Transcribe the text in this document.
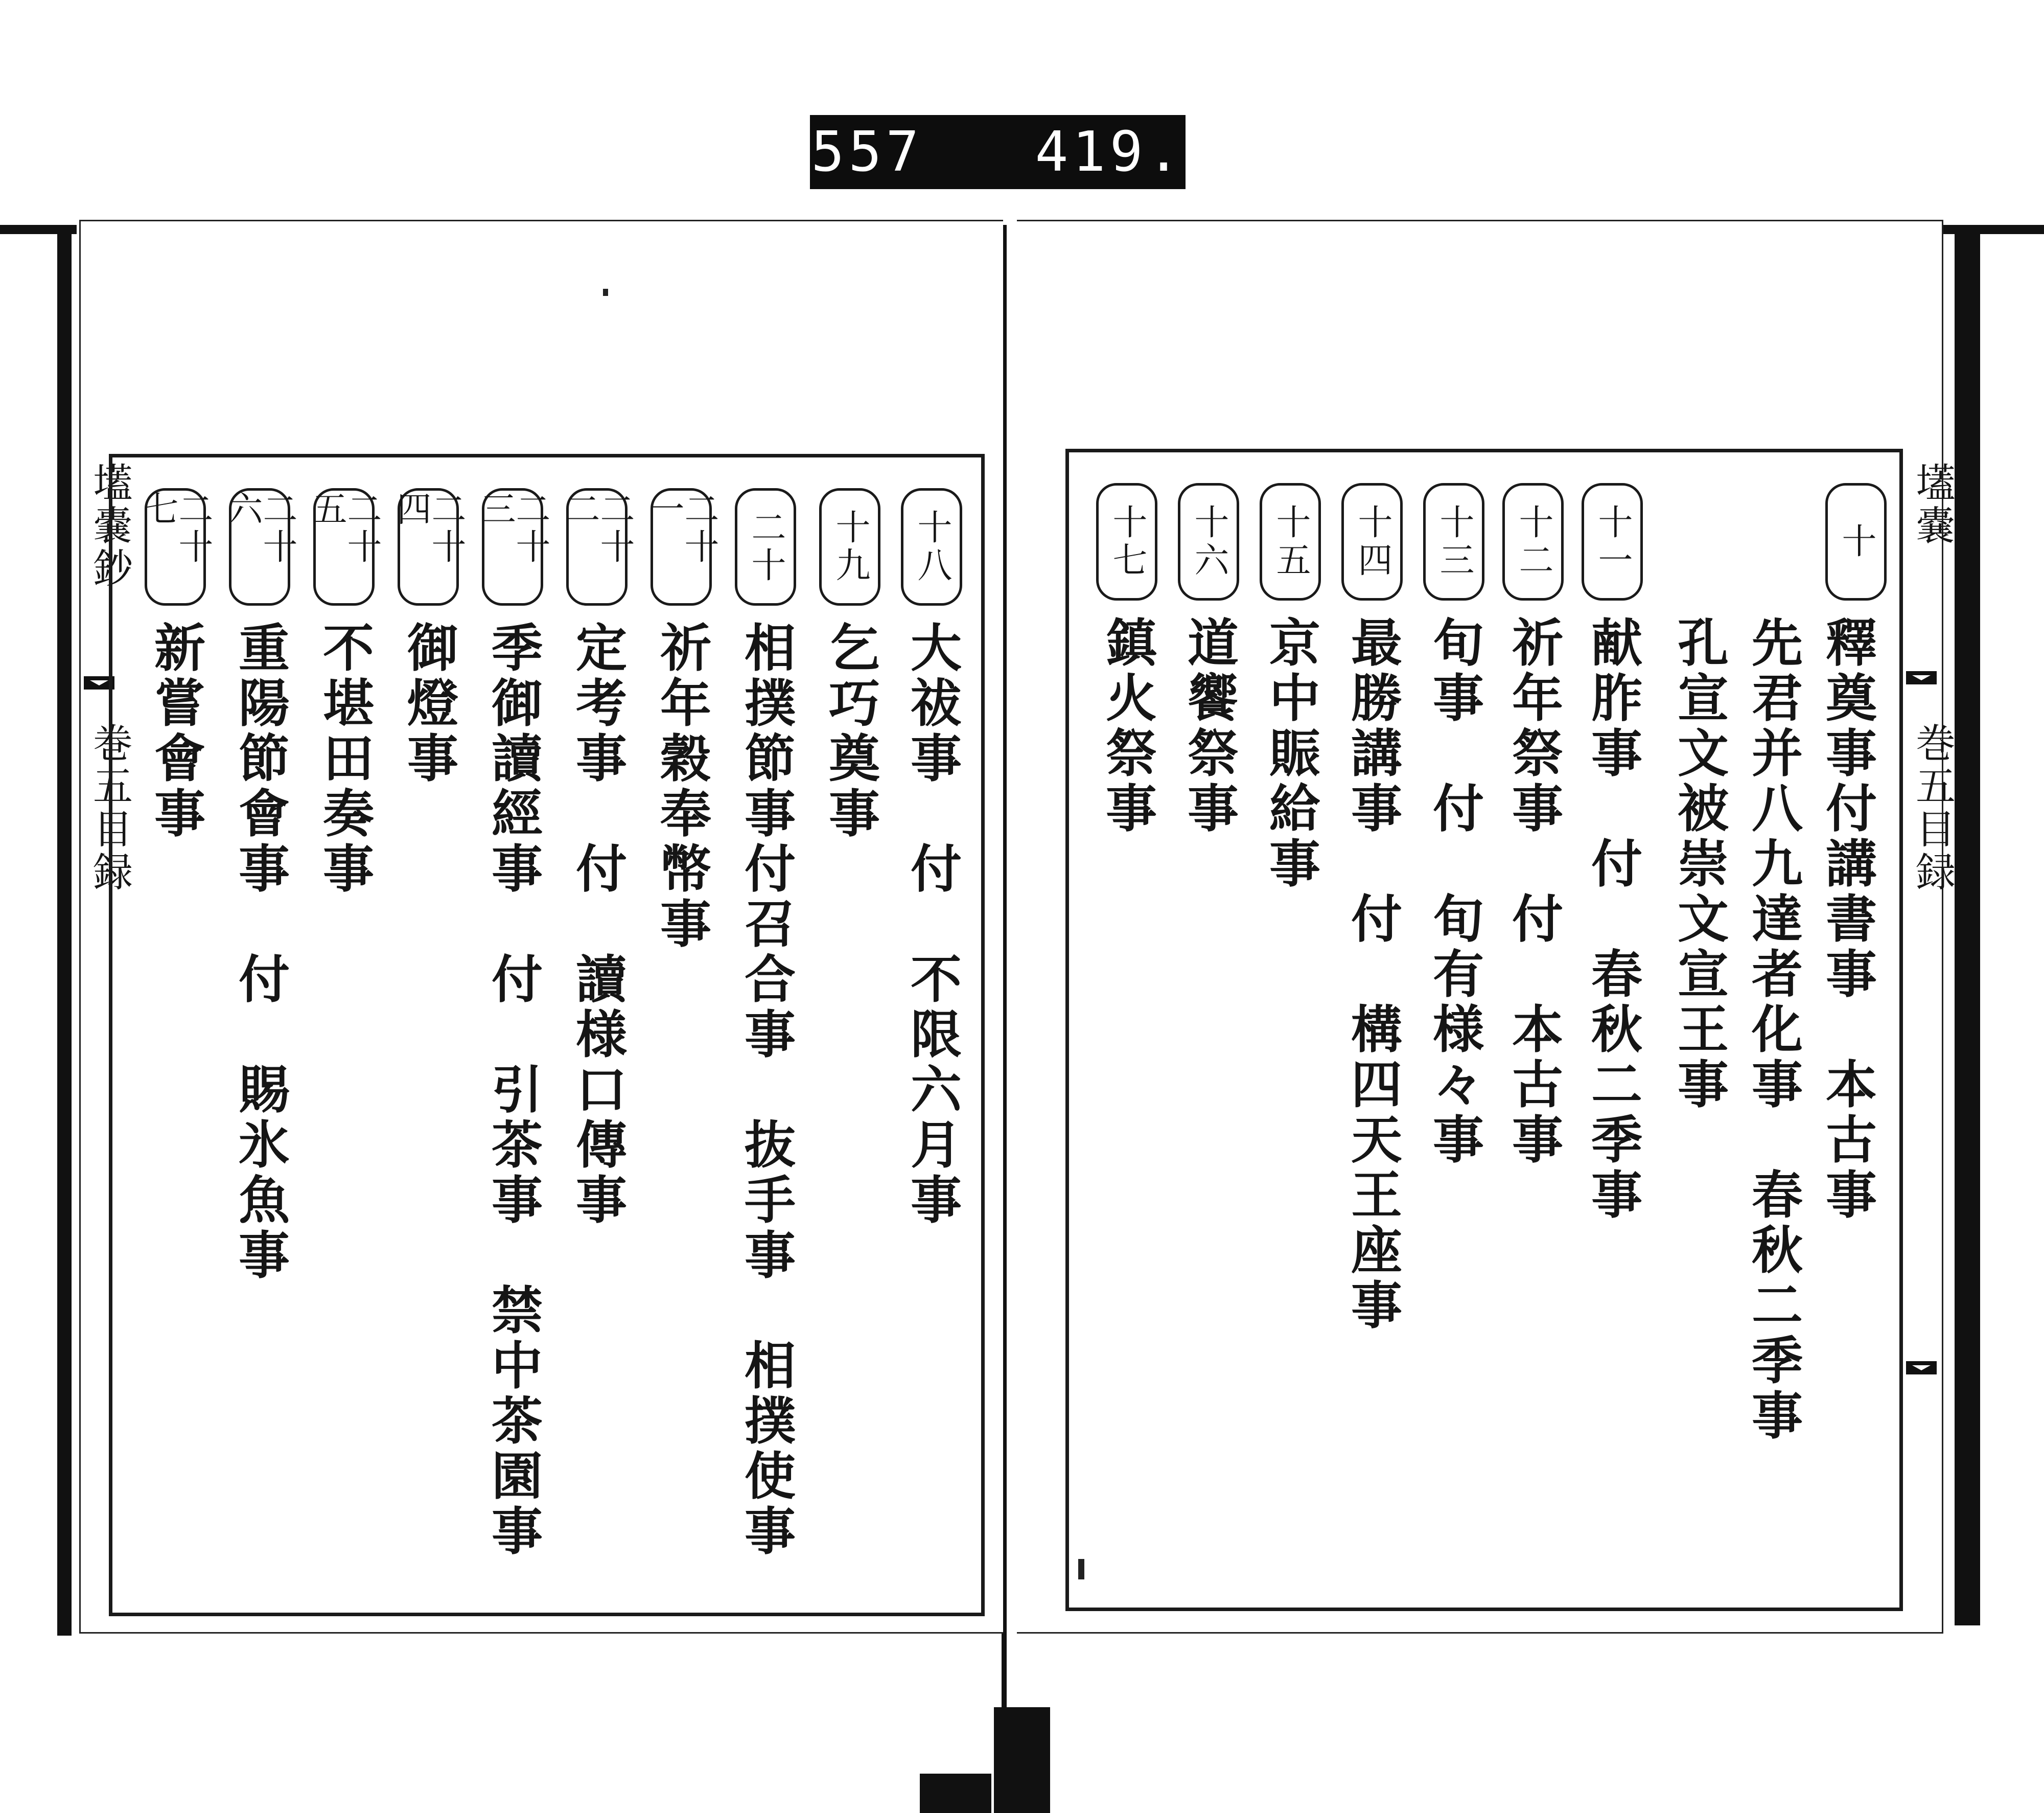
557   419.
壒嚢鈔
巻五目録
十八
大祓事　付　不限六月事
十九
乞巧奠事
二十
相撲節事付召合事　抜手事　相撲使事
二十一
祈年穀奉幣事
二十二
定考事　付　讀様口傳事
二十三
季御讀經事　付　引茶事　禁中茶園事
二十四
御燈事
二十五
不堪田奏事
二十六
重陽節會事　付　賜氷魚事
二十七
新嘗會事
十
釋奠事付講書事　本古事
先君并八九達者化事　春秋二季事
孔宣文被崇文宣王事
十一
献胙事　付　春秋二季事
十二
祈年祭事　付　本古事
十三
旬事　付　旬有様々事
十四
最勝講事　付　構四天王座事
十五
京中賑給事
十六
道饗祭事
十七
鎮火祭事
壒嚢
巻五目録
